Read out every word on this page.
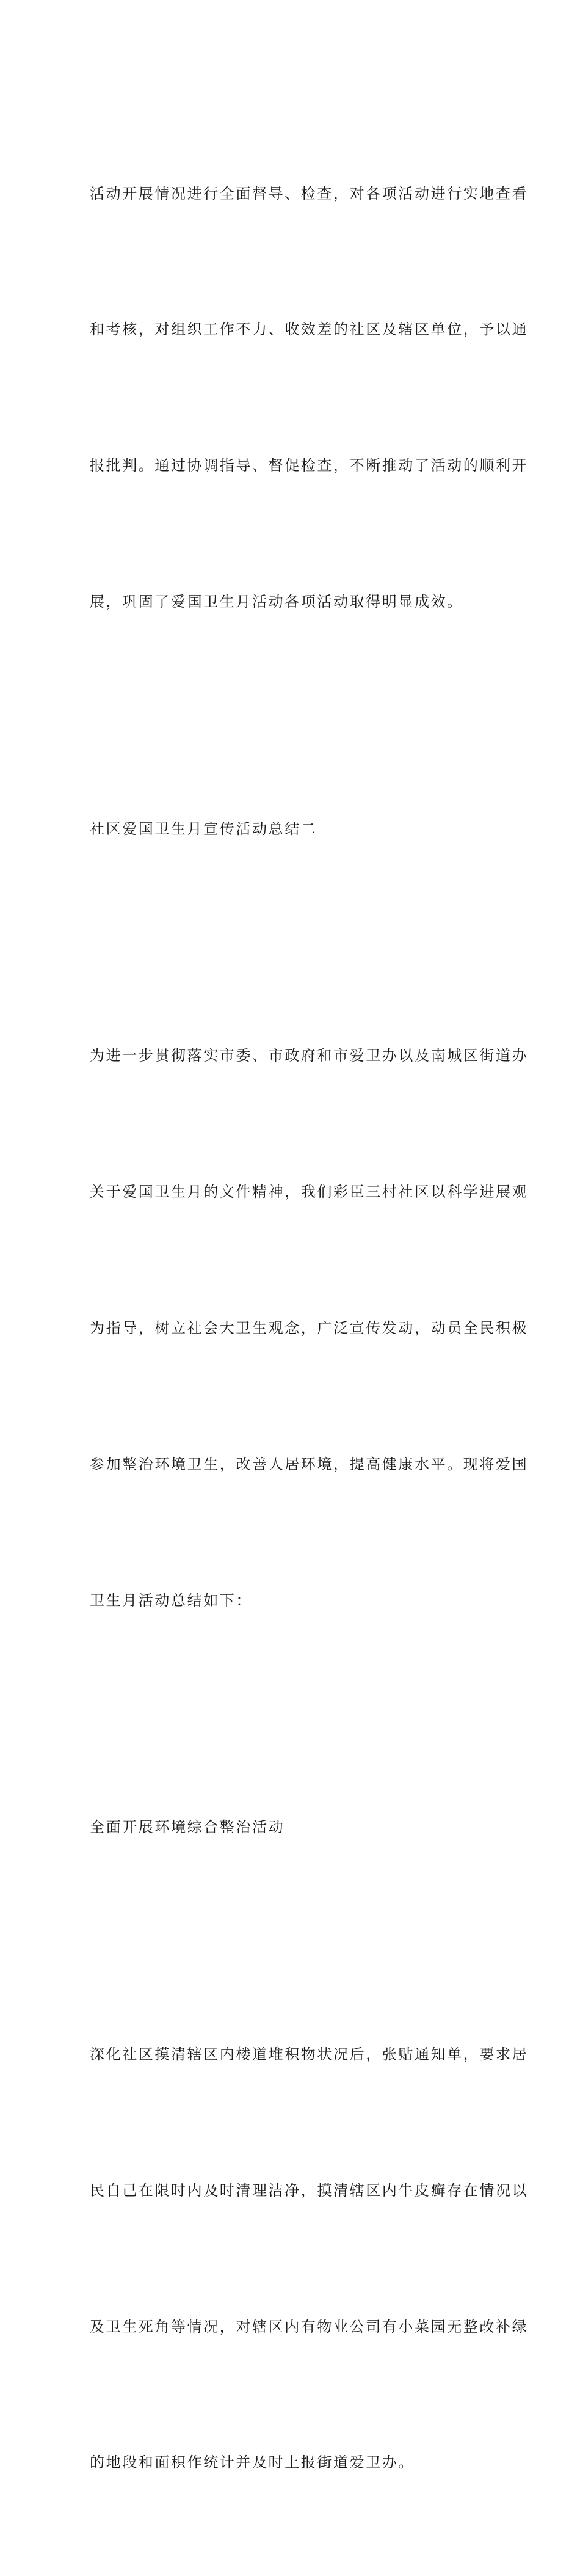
活动开展情况进行全面督导、检查，对各项活动进行实地查看

和考核，对组织工作不力、收效差的社区及辖区单位，予以通

报批判。通过协调指导、督促检查，不断推动了活动的顺利开

展，巩固了爱国卫生月活动各项活动取得明显成效。

社区爱国卫生月宣传活动总结二

为进一步贯彻落实市委、市政府和市爱卫办以及南城区街道办

关于爱国卫生月的文件精神，我们彩臣三村社区以科学进展观

为指导，树立社会大卫生观念，广泛宣传发动，动员全民积极

参加整治环境卫生，改善人居环境，提高健康水平。现将爱国

卫生月活动总结如下：

全面开展环境综合整治活动

深化社区摸清辖区内楼道堆积物状况后，张贴通知单，要求居

民自己在限时内及时清理洁净，摸清辖区内牛皮癣存在情况以

及卫生死角等情况，对辖区内有物业公司有小菜园无整改补绿

的地段和面积作统计并及时上报街道爱卫办。
